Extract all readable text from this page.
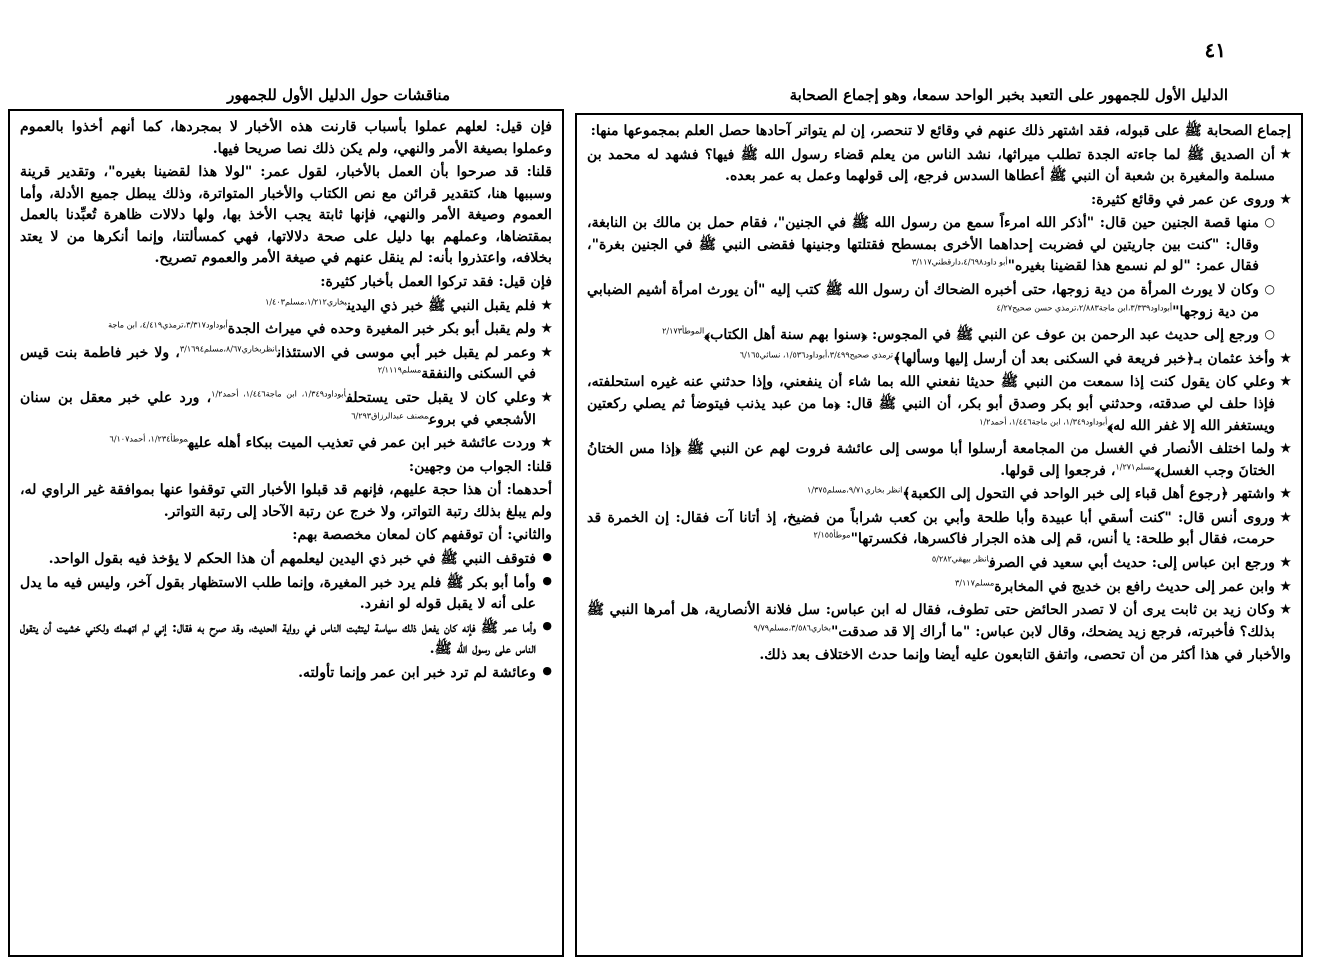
٤١
الدليل الأول للجمهور على التعبد بخبر الواحد سمعا، وهو إجماع الصحابة
مناقشات حول الدليل الأول للجمهور

إجماع الصحابة ﷺ على قبوله، فقد اشتهر ذلك عنهم في وقائع لا تنحصر، إن لم يتواتر آحادها حصل العلم بمجموعها منها:

★ أن الصديق ﷺ لما جاءته الجدة تطلب ميراثها، نشد الناس من يعلم قضاء رسول الله ﷺ فيها؟ فشهد له محمد بن مسلمة والمغيرة بن شعبة أن النبي ﷺ أعطاها السدس فرجع، إلى قولهما وعمل به عمر بعده.

★ وروى عن عمر في وقائع كثيرة:

○ منها قصة الجنين حين قال: "أذكر الله امرءاً سمع من رسول الله ﷺ في الجنين"، فقام حمل بن مالك بن النابغة، وقال: "كنت بين جاريتين لي فضربت إحداهما الأخرى بمسطح فقتلتها وجنينها فقضى النبي ﷺ في الجنين بغرة"، فقال عمر: "لو لم نسمع هذا لقضينا بغيره"$^{أبو داود٤/٦٩٨،دارقطني٣/١١٧}$

○ وكان لا يورث المرأة من دية زوجها، حتى أخبره الضحاك أن رسول الله ﷺ كتب إليه "أن يورث امرأة أشيم الضبابي من دية زوجها"$^{أبوداود٣/٣٣٩،ابن ماجة٢/٨٨٣،ترمذي حسن صحيح٤/٢٧}$

○ ورجع إلى حديث عبد الرحمن بن عوف عن النبي ﷺ في المجوس: ﴿سنوا بهم سنة أهل الكتاب﴾$^{الموطأ٢/١٧٣}$

★ وأخذ عثمان بـ﴿خبر فريعة في السكنى بعد أن أرسل إليها وسألها﴾$^{ترمذي صحيح٣/٤٩٩،أبوداود١/٥٣٦، نسائي٦/١٦٥}$

★ وعلي كان يقول كنت إذا سمعت من النبي ﷺ حديثا نفعني الله بما شاء أن ينفعني، وإذا حدثني عنه غيره استحلفته، فإذا حلف لي صدقته، وحدثني أبو بكر وصدق أبو بكر، أن النبي ﷺ قال: ﴿ما من عبد يذنب فيتوضأ ثم يصلي ركعتين ويستغفر الله إلا غفر الله له﴾$^{أبوداود١/٣٤٩، ابن ماجة١/٤٤٦، أحمد١/٢}$

★ ولما اختلف الأنصار في الغسل من المجامعة أرسلوا أبا موسى إلى عائشة فروت لهم عن النبي ﷺ ﴿إذا مس الختانُ الختانَ وجب الغسل﴾$^{مسلم١/٢٧١}$، فرجعوا إلى قولها.

★ واشتهر ﴿رجوع أهل قباء إلى خبر الواحد في التحول إلى الكعبة﴾$^{انظر بخاري٩/٧١،مسلم١/٣٧٥}$

★ وروى أنس قال: "كنت أسقي أبا عبيدة وأبا طلحة وأبي بن كعب شراباً من فضيخ، إذ أتانا آت فقال: إن الخمرة قد حرمت، فقال أبو طلحة: يا أنس، قم إلى هذه الجرار فاكسرها، فكسرتها"$^{موطأ٢/١٥٥}$

★ ورجع ابن عباس إلى: حديث أبي سعيد في الصرف$^{انظر بيهقي٥/٢٨٢}$

★ وابن عمر إلى حديث رافع بن خديج في المخابرة$^{مسلم٣/١١٧}$

★ وكان زيد بن ثابت يرى أن لا تصدر الحائض حتى تطوف، فقال له ابن عباس: سل فلانة الأنصارية، هل أمرها النبي ﷺ بذلك؟ فأخبرته، فرجع زيد يضحك، وقال لابن عباس: "ما أراك إلا قد صدقت"$^{بخاري٣/٥٨٦،مسلم٩/٧٩}$

والأخبار في هذا أكثر من أن تحصى، واتفق التابعون عليه أيضا وإنما حدث الاختلاف بعد ذلك.

فإن قيل: لعلهم عملوا بأسباب قارنت هذه الأخبار لا بمجردها، كما أنهم أخذوا بالعموم وعملوا بصيغة الأمر والنهي، ولم يكن ذلك نصا صريحا فيها.

قلنا: قد صرحوا بأن العمل بالأخبار، لقول عمر: "لولا هذا لقضينا بغيره"، وتقدير قرينة وسببها هنا، كتقدير قرائن مع نص الكتاب والأخبار المتواترة، وذلك يبطل جميع الأدلة، وأما العموم وصيغة الأمر والنهي، فإنها ثابتة يجب الأخذ بها، ولها دلالات ظاهرة تُعبِّدنا بالعمل بمقتضاها، وعملهم بها دليل على صحة دلالاتها، فهي كمسألتنا، وإنما أنكرها من لا يعتد بخلافه، واعتذروا بأنه: لم ينقل عنهم في صيغة الأمر والعموم تصريح.

فإن قيل: فقد تركوا العمل بأخبار كثيرة:

★ فلم يقبل النبي ﷺ خبر ذي اليدين$^{بخاري١/٢١٢،مسلم١/٤٠٣}$

★ ولم يقبل أبو بكر خبر المغيرة وحده في ميراث الجدة$^{أبوداود٣/٣١٧،ترمذي٤/٤١٩، ابن ماجة}$

★ وعمر لم يقبل خبر أبي موسى في الاستئذان$^{انظربخاري٨/٦٧،مسلم٣/١٦٩٤}$، ولا خبر فاطمة بنت قيس في السكنى والنفقة$^{مسلم٢/١١١٩}$

★ وعلي كان لا يقبل حتى يستحلف$^{أبوداود١/٣٤٩، ابن ماجة١/٤٤٦، أحمد١/٢}$، ورد علي خبر معقل بن سنان الأشجعي في بروع$^{مصنف عبدالرزاق٦/٢٩٣}$

★ وردت عائشة خبر ابن عمر في تعذيب الميت ببكاء أهله عليه$^{موطأ١/٢٣٤، أحمد٦/١٠٧}$

قلنا: الجواب من وجهين:

أحدهما: أن هذا حجة عليهم، فإنهم قد قبلوا الأخبار التي توقفوا عنها بموافقة غير الراوي له، ولم يبلغ بذلك رتبة التواتر، ولا خرج عن رتبة الآحاد إلى رتبة التواتر.

والثاني: أن توقفهم كان لمعان مخصصة بهم:

● فتوقف النبي ﷺ في خبر ذي اليدين ليعلمهم أن هذا الحكم لا يؤخذ فيه بقول الواحد.

● وأما أبو بكر ﷺ فلم يرد خبر المغيرة، وإنما طلب الاستظهار بقول آخر، وليس فيه ما يدل على أنه لا يقبل قوله لو انفرد.

● وأما عمر ﷺ فإنه كان يفعل ذلك سياسة ليتثبت الناس في رواية الحديث، وقد صرح به فقال: إني لم اتهمك ولكني خشيت أن يتقول الناس على رسول الله ﷺ.

● وعائشة لم ترد خبر ابن عمر وإنما تأولته.
